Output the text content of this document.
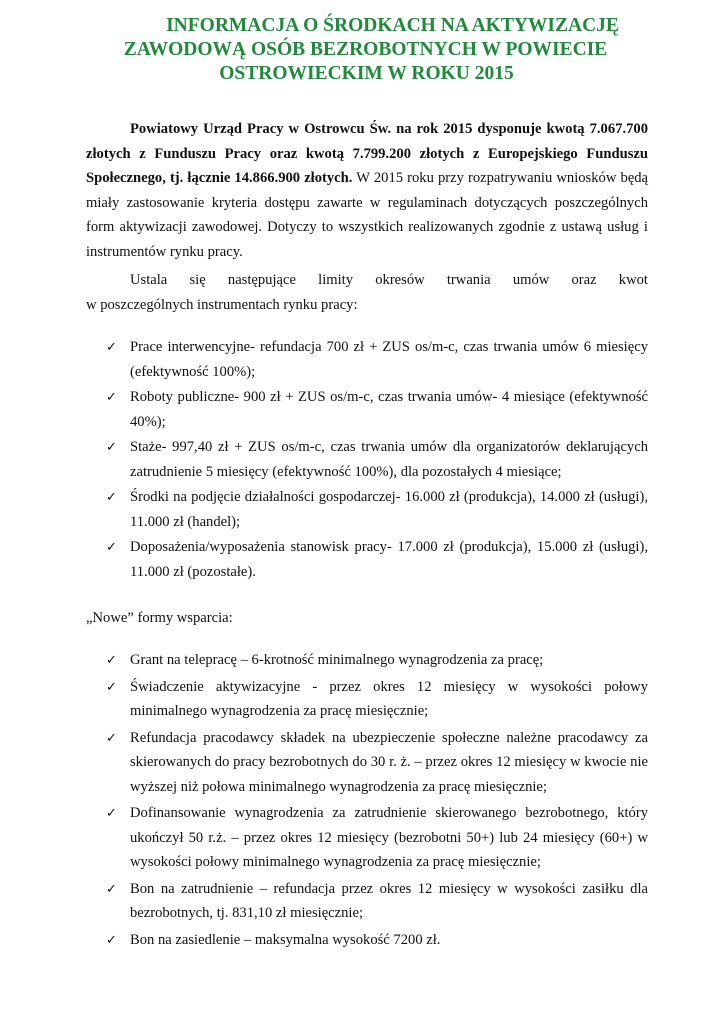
INFORMACJA O ŚRODKACH NA AKTYWIZACJĘ
ZAWODOWĄ OSÓB BEZROBOTNYCH W POWIECIE
OSTROWIECKIM W ROKU 2015
Powiatowy Urząd Pracy w Ostrowcu Św. na rok 2015 dysponuje kwotą 7.067.700 złotych z Funduszu Pracy oraz kwotą 7.799.200 złotych z Europejskiego Funduszu Społecznego, tj. łącznie 14.866.900 złotych. W 2015 roku przy rozpatrywaniu wniosków będą miały zastosowanie kryteria dostępu zawarte w regulaminach dotyczących poszczególnych form aktywizacji zawodowej. Dotyczy to wszystkich realizowanych zgodnie z ustawą usług i instrumentów rynku pracy.
Ustala się następujące limity okresów trwania umów oraz kwot
w poszczególnych instrumentach rynku pracy:
✓ Prace interwencyjne- refundacja 700 zł + ZUS os/m-c, czas trwania umów 6 miesięcy (efektywność 100%);
✓ Roboty publiczne- 900 zł + ZUS os/m-c, czas trwania umów- 4 miesiące (efektywność 40%);
✓ Staże- 997,40 zł + ZUS os/m-c, czas trwania umów dla organizatorów deklarujących zatrudnienie 5 miesięcy (efektywność 100%), dla pozostałych 4 miesiące;
✓ Środki na podjęcie działalności gospodarczej- 16.000 zł (produkcja), 14.000 zł (usługi), 11.000 zł (handel);
✓ Doposażenia/wyposażenia stanowisk pracy- 17.000 zł (produkcja), 15.000 zł (usługi), 11.000 zł (pozostałe).
„Nowe” formy wsparcia:
✓ Grant na telepracę – 6-krotność minimalnego wynagrodzenia za pracę;
✓ Świadczenie aktywizacyjne - przez okres 12 miesięcy w wysokości połowy minimalnego wynagrodzenia za pracę miesięcznie;
✓ Refundacja pracodawcy składek na ubezpieczenie społeczne należne pracodawcy za skierowanych do pracy bezrobotnych do 30 r. ż. – przez okres 12 miesięcy w kwocie nie wyższej niż połowa minimalnego wynagrodzenia za pracę miesięcznie;
✓ Dofinansowanie wynagrodzenia za zatrudnienie skierowanego bezrobotnego, który ukończył 50 r.ż. – przez okres 12 miesięcy (bezrobotni 50+) lub 24 miesięcy (60+) w wysokości połowy minimalnego wynagrodzenia za pracę miesięcznie;
✓ Bon na zatrudnienie – refundacja przez okres 12 miesięcy w wysokości zasiłku dla bezrobotnych, tj. 831,10 zł miesięcznie;
✓ Bon na zasiedlenie – maksymalna wysokość 7200 zł.
